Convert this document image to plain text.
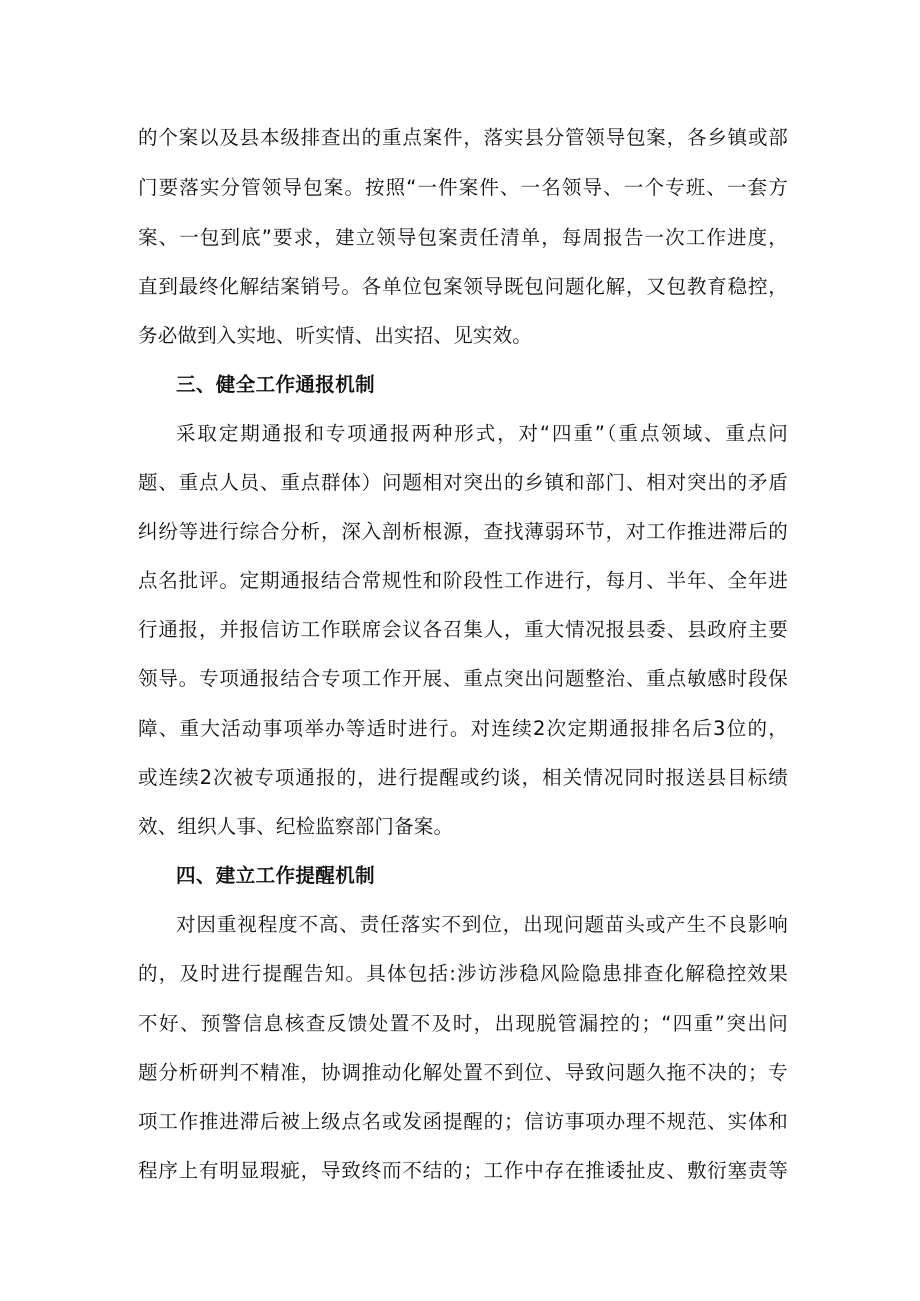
的个案以及县本级排查出的重点案件，落实县分管领导包案，各乡镇或部
门要落实分管领导包案。按照“一件案件、一名领导、一个专班、一套方
案、一包到底”要求，建立领导包案责任清单，每周报告一次工作进度，
直到最终化解结案销号。各单位包案领导既包问题化解，又包教育稳控，
务必做到入实地、听实情、出实招、见实效。
三、健全工作通报机制
采取定期通报和专项通报两种形式，对“四重”（重点领域、重点问
题、重点人员、重点群体）问题相对突出的乡镇和部门、相对突出的矛盾
纠纷等进行综合分析，深入剖析根源，查找薄弱环节，对工作推进滞后的
点名批评。定期通报结合常规性和阶段性工作进行，每月、半年、全年进
行通报，并报信访工作联席会议各召集人，重大情况报县委、县政府主要
领导。专项通报结合专项工作开展、重点突出问题整治、重点敏感时段保
障、重大活动事项举办等适时进行。对连续2次定期通报排名后3位的，
或连续2次被专项通报的，进行提醒或约谈，相关情况同时报送县目标绩
效、组织人事、纪检监察部门备案。
四、建立工作提醒机制
对因重视程度不高、责任落实不到位，出现问题苗头或产生不良影响
的，及时进行提醒告知。具体包括:涉访涉稳风险隐患排查化解稳控效果
不好、预警信息核查反馈处置不及时，出现脱管漏控的；“四重”突出问
题分析研判不精准，协调推动化解处置不到位、导致问题久拖不决的；专
项工作推进滞后被上级点名或发函提醒的；信访事项办理不规范、实体和
程序上有明显瑕疵，导致终而不结的；工作中存在推诿扯皮、敷衍塞责等
